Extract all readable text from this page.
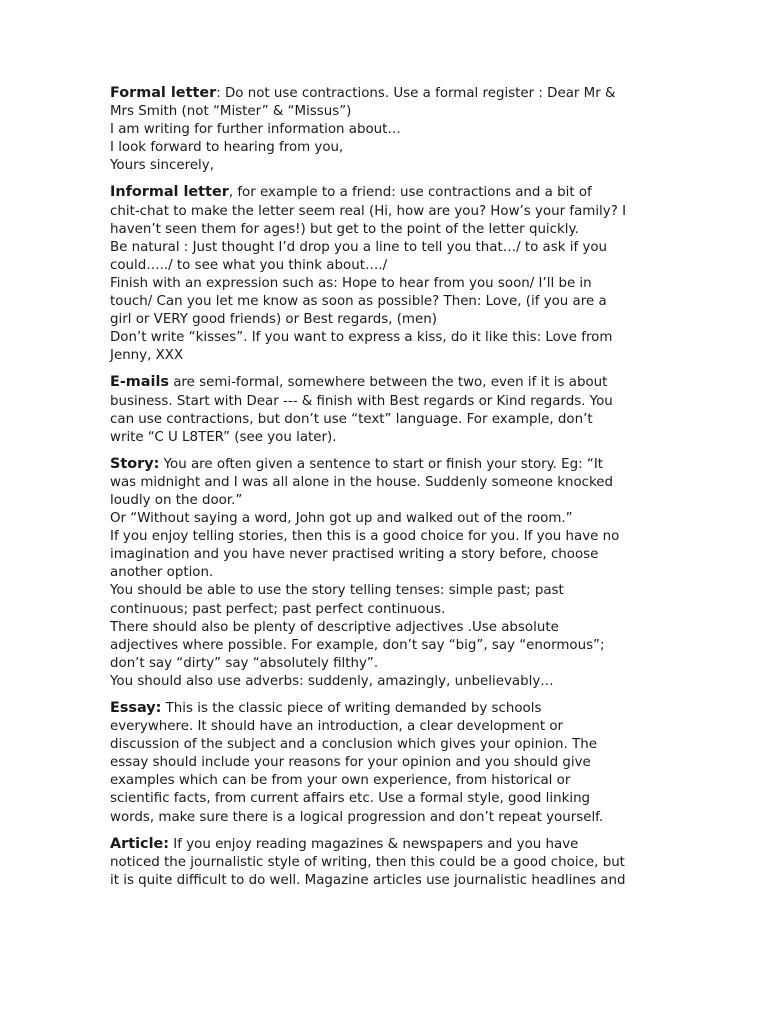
Formal letter: Do not use contractions. Use a formal register : Dear Mr &

Mrs Smith (not “Mister” & “Missus”)

I am writing for further information about…

I look forward to hearing from you,

Yours sincerely,

Informal letter, for example to a friend: use contractions and a bit of

chit-chat to make the letter seem real (Hi, how are you? How’s your family? I

haven’t seen them for ages!) but get to the point of the letter quickly.

Be natural : Just thought I’d drop you a line to tell you that…/ to ask if you

could…../ to see what you think about…./

Finish with an expression such as: Hope to hear from you soon/ I’ll be in

touch/ Can you let me know as soon as possible? Then: Love, (if you are a

girl or VERY good friends) or Best regards, (men)

Don’t write “kisses”. If you want to express a kiss, do it like this: Love from

Jenny, XXX

E-mails are semi-formal, somewhere between the two, even if it is about

business. Start with Dear --- & finish with Best regards or Kind regards. You

can use contractions, but don’t use “text” language. For example, don’t

write “C U L8TER” (see you later).

Story: You are often given a sentence to start or finish your story. Eg: “It

was midnight and I was all alone in the house. Suddenly someone knocked

loudly on the door.”

Or “Without saying a word, John got up and walked out of the room.”

If you enjoy telling stories, then this is a good choice for you. If you have no

imagination and you have never practised writing a story before, choose

another option.

You should be able to use the story telling tenses: simple past; past

continuous; past perfect; past perfect continuous.

There should also be plenty of descriptive adjectives .Use absolute

adjectives where possible. For example, don’t say “big”, say “enormous”;

don’t say “dirty” say “absolutely filthy”.

You should also use adverbs: suddenly, amazingly, unbelievably…

Essay: This is the classic piece of writing demanded by schools

everywhere. It should have an introduction, a clear development or

discussion of the subject and a conclusion which gives your opinion. The

essay should include your reasons for your opinion and you should give

examples which can be from your own experience, from historical or

scientific facts, from current affairs etc. Use a formal style, good linking

words, make sure there is a logical progression and don’t repeat yourself.

Article: If you enjoy reading magazines & newspapers and you have

noticed the journalistic style of writing, then this could be a good choice, but

it is quite difficult to do well. Magazine articles use journalistic headlines and
